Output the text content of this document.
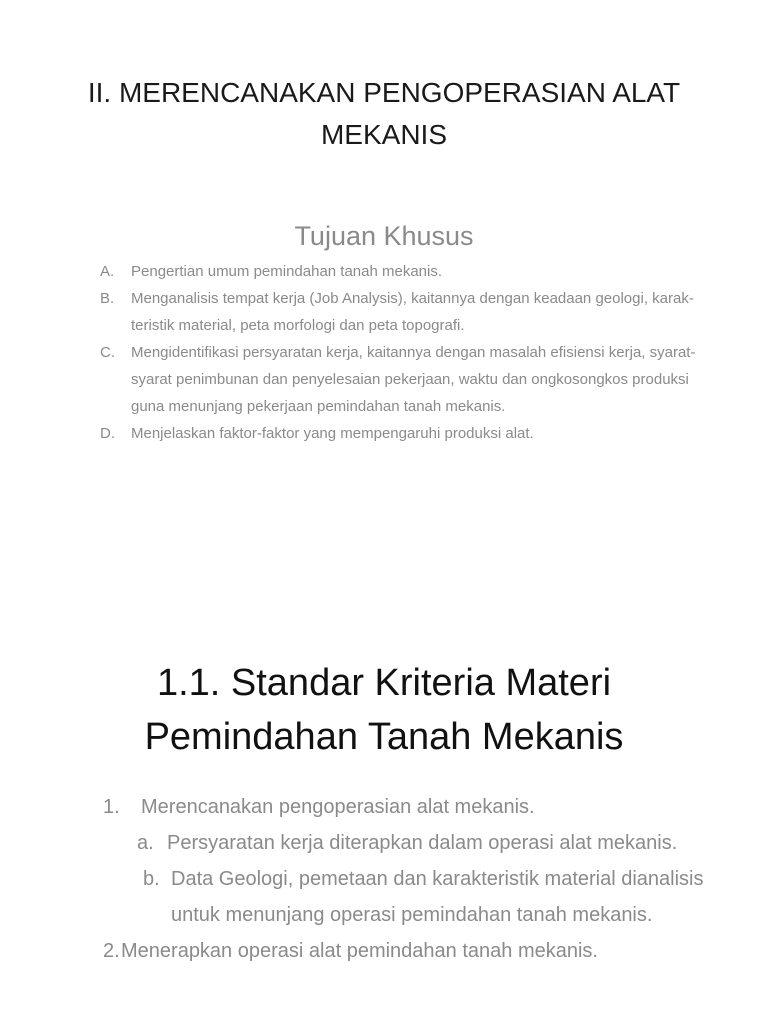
II. MERENCANAKAN PENGOPERASIAN ALAT
MEKANIS
Tujuan Khusus
A.	Pengertian umum pemindahan tanah mekanis.
B.	Menganalisis tempat kerja (Job Analysis), kaitannya dengan keadaan geologi, karak-teristik material, peta morfologi dan peta topografi.
C.	Mengidentifikasi persyaratan kerja, kaitannya dengan masalah efisiensi kerja, syarat-syarat penimbunan dan penyelesaian pekerjaan, waktu dan ongkosongkos produksi guna menunjang pekerjaan pemindahan tanah mekanis.
D.	Menjelaskan faktor-faktor yang mempengaruhi produksi alat.
1.1. Standar Kriteria Materi
Pemindahan Tanah Mekanis
1.	Merencanakan pengoperasian alat mekanis.
a. Persyaratan kerja diterapkan dalam operasi alat mekanis.
b. Data Geologi, pemetaan dan karakteristik material dianalisis untuk menunjang operasi pemindahan tanah mekanis.
2. Menerapkan operasi alat pemindahan tanah mekanis.
